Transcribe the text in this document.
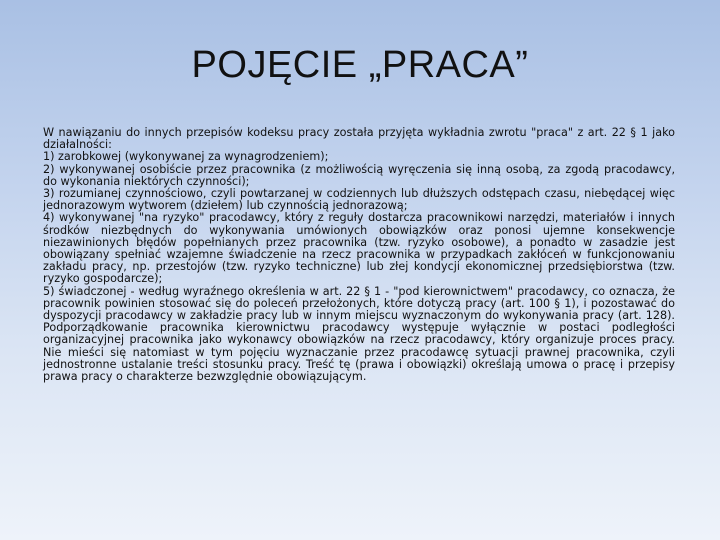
POJĘCIE „PRACA”

W nawiązaniu do innych przepisów kodeksu pracy została przyjęta wykładnia zwrotu "praca" z art. 22 § 1 jako działalności:

1) zarobkowej (wykonywanej za wynagrodzeniem);

2) wykonywanej osobiście przez pracownika (z możliwością wyręczenia się inną osobą, za zgodą pracodawcy, do wykonania niektórych czynności);

3) rozumianej czynnościowo, czyli powtarzanej w codziennych lub dłuższych odstępach czasu, niebędącej więc jednorazowym wytworem (dziełem) lub czynnością jednorazową;

4) wykonywanej "na ryzyko" pracodawcy, który z reguły dostarcza pracownikowi narzędzi, materiałów i innych środków niezbędnych do wykonywania umówionych obowiązków oraz ponosi ujemne konsekwencje niezawinionych błędów popełnianych przez pracownika (tzw. ryzyko osobowe), a ponadto w zasadzie jest obowiązany spełniać wzajemne świadczenie na rzecz pracownika w przypadkach zakłóceń w funkcjonowaniu zakładu pracy, np. przestojów (tzw. ryzyko techniczne) lub złej kondycji ekonomicznej przedsiębiorstwa (tzw. ryzyko gospodarcze);

5) świadczonej - według wyraźnego określenia w art. 22 § 1 - "pod kierownictwem" pracodawcy, co oznacza, że pracownik powinien stosować się do poleceń przełożonych, które dotyczą pracy (art. 100 § 1), i pozostawać do dyspozycji pracodawcy w zakładzie pracy lub w innym miejscu wyznaczonym do wykonywania pracy (art. 128). Podporządkowanie pracownika kierownictwu pracodawcy występuje wyłącznie w postaci podległości organizacyjnej pracownika jako wykonawcy obowiązków na rzecz pracodawcy, który organizuje proces pracy. Nie mieści się natomiast w tym pojęciu wyznaczanie przez pracodawcę sytuacji prawnej pracownika, czyli jednostronne ustalanie treści stosunku pracy. Treść tę (prawa i obowiązki) określają umowa o pracę i przepisy prawa pracy o charakterze bezwzględnie obowiązującym.
